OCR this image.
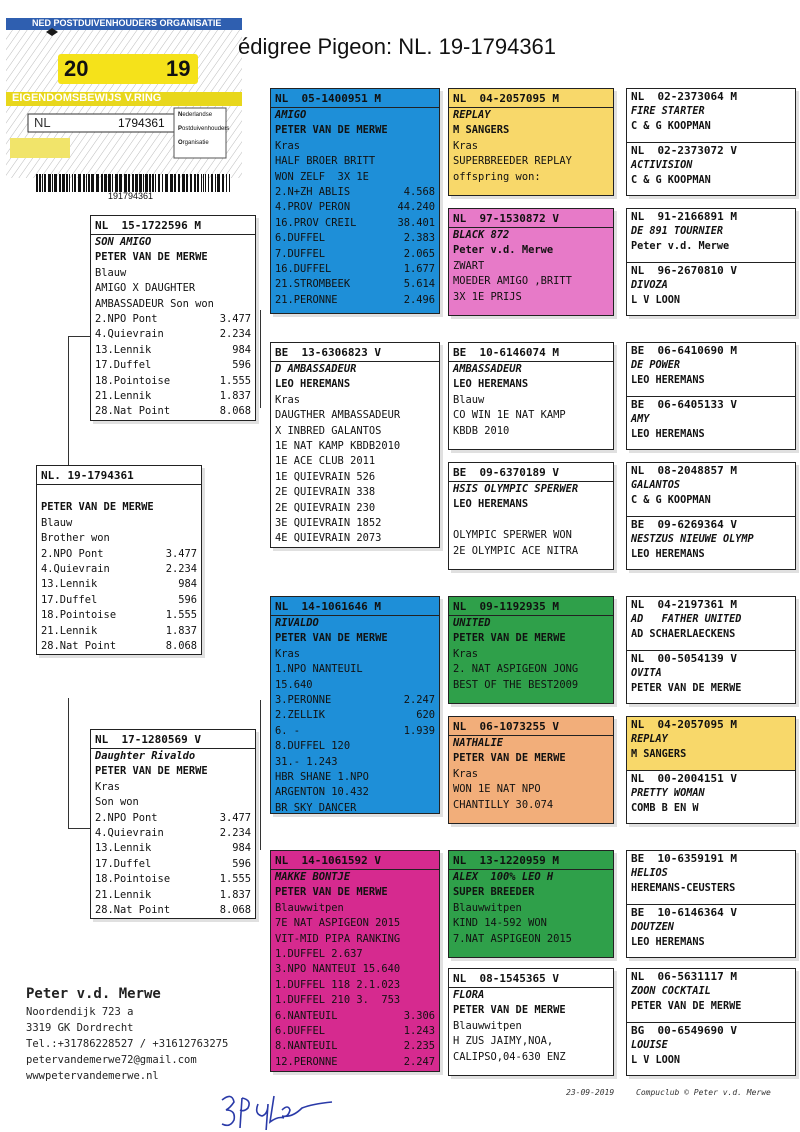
NED POSTDUIVENHOUDERS ORGANISATIE
20	19
EIGENDOMSBEWIJS V.RING
NL	1794361
Nederlandse
Postduivenhouders
Organisatie
191794361
édigree Pigeon: NL. 19-1794361
NL. 19-1794361

PETER VAN DE MERWE
Blauw
Brother won
2.NPO Pont	3.477
4.Quievrain	2.234
13.Lennik	984
17.Duffel	596
18.Pointoise	1.555
21.Lennik	1.837
28.Nat Point	8.068
NL  15-1722596 M
SON AMIGO
PETER VAN DE MERWE
Blauw
AMIGO X DAUGHTER
AMBASSADEUR Son won
2.NPO Pont	3.477
4.Quievrain	2.234
13.Lennik	984
17.Duffel	596
18.Pointoise	1.555
21.Lennik	1.837
28.Nat Point	8.068
NL  17-1280569 V
Daughter Rivaldo
PETER VAN DE MERWE
Kras
Son won
2.NPO Pont	3.477
4.Quievrain	2.234
13.Lennik	984
17.Duffel	596
18.Pointoise	1.555
21.Lennik	1.837
28.Nat Point	8.068
NL  05-1400951 M
AMIGO
PETER VAN DE MERWE
Kras
HALF BROER BRITT
WON ZELF  3X 1E
2.N+ZH ABLIS	4.568
4.PROV PERON	44.240
16.PROV CREIL	38.401
6.DUFFEL	2.383
7.DUFFEL	2.065
16.DUFFEL	1.677
21.STROMBEEK	5.614
21.PERONNE	2.496
BE  13-6306823 V
D AMBASSADEUR
LEO HEREMANS
Kras
DAUGTHER AMBASSADEUR
X INBRED GALANTOS
1E NAT KAMP KBDB2010
1E ACE CLUB 2011
1E QUIEVRAIN 526
2E QUIEVRAIN 338
2E QUIEVRAIN 230
3E QUIEVRAIN 1852
4E QUIEVRAIN 2073
NL  14-1061646 M
RIVALDO
PETER VAN DE MERWE
Kras
1.NPO NANTEUIL
15.640
3.PERONNE	2.247
2.ZELLIK	620
6. -	1.939
8.DUFFEL 120
31.- 1.243
HBR SHANE 1.NPO
ARGENTON 10.432
BR SKY DANCER
NL  14-1061592 V
MAKKE BONTJE
PETER VAN DE MERWE
Blauwwitpen
7E NAT ASPIGEON 2015
VIT-MID PIPA RANKING
1.DUFFEL 2.637
3.NPO NANTEUI 15.640
1.DUFFEL 118 2.1.023
1.DUFFEL 210 3.  753
6.NANTEUIL	3.306
6.DUFFEL	1.243
8.NANTEUIL	2.235
12.PERONNE	2.247
NL  04-2057095 M
REPLAY
M SANGERS
Kras
SUPERBREEDER REPLAY
offspring won:
NL  97-1530872 V
BLACK 872
Peter v.d. Merwe
ZWART
MOEDER AMIGO ,BRITT
3X 1E PRIJS
BE  10-6146074 M
AMBASSADEUR
LEO HEREMANS
Blauw
CO WIN 1E NAT KAMP
KBDB 2010
BE  09-6370189 V
HSIS OLYMPIC SPERWER
LEO HEREMANS
OLYMPIC SPERWER WON
2E OLYMPIC ACE NITRA
NL  09-1192935 M
UNITED
PETER VAN DE MERWE
Kras
2. NAT ASPIGEON JONG
BEST OF THE BEST2009
NL  06-1073255 V
NATHALIE
PETER VAN DE MERWE
Kras
WON 1E NAT NPO
CHANTILLY 30.074
NL  13-1220959 M
ALEX  100% LEO H
SUPER BREEDER
Blauwwitpen
KIND 14-592 WON
7.NAT ASPIGEON 2015
NL  08-1545365 V
FLORA
PETER VAN DE MERWE
Blauwwitpen
H ZUS JAIMY,NOA,
CALIPSO,04-630 ENZ
NL  02-2373064 M
FIRE STARTER
C & G KOOPMAN
NL  02-2373072 V
ACTIVISION
C & G KOOPMAN
NL  91-2166891 M
DE 891 TOURNIER
Peter v.d. Merwe
NL  96-2670810 V
DIVOZA
L V LOON
BE  06-6410690 M
DE POWER
LEO HEREMANS
BE  06-6405133 V
AMY
LEO HEREMANS
NL  08-2048857 M
GALANTOS
C & G KOOPMAN
BE  09-6269364 V
NESTZUS NIEUWE OLYMP
LEO HEREMANS
NL  04-2197361 M
AD   FATHER UNITED
AD SCHAERLAECKENS
NL  00-5054139 V
OVITA
PETER VAN DE MERWE
NL  04-2057095 M
REPLAY
M SANGERS
NL  00-2004151 V
PRETTY WOMAN
COMB B EN W
BE  10-6359191 M
HELIOS
HEREMANS-CEUSTERS
BE  10-6146364 V
DOUTZEN
LEO HEREMANS
NL  06-5631117 M
ZOON COCKTAIL
PETER VAN DE MERWE
BG  00-6549690 V
LOUISE
L V LOON
Peter v.d. Merwe
Noordendijk 723 a
3319 GK Dordrecht
Tel.:+31786228527 / +31612763275
petervandemerwe72@gmail.com
wwwpetervandemerwe.nl
23-09-2019	Compuclub © Peter v.d. Merwe
